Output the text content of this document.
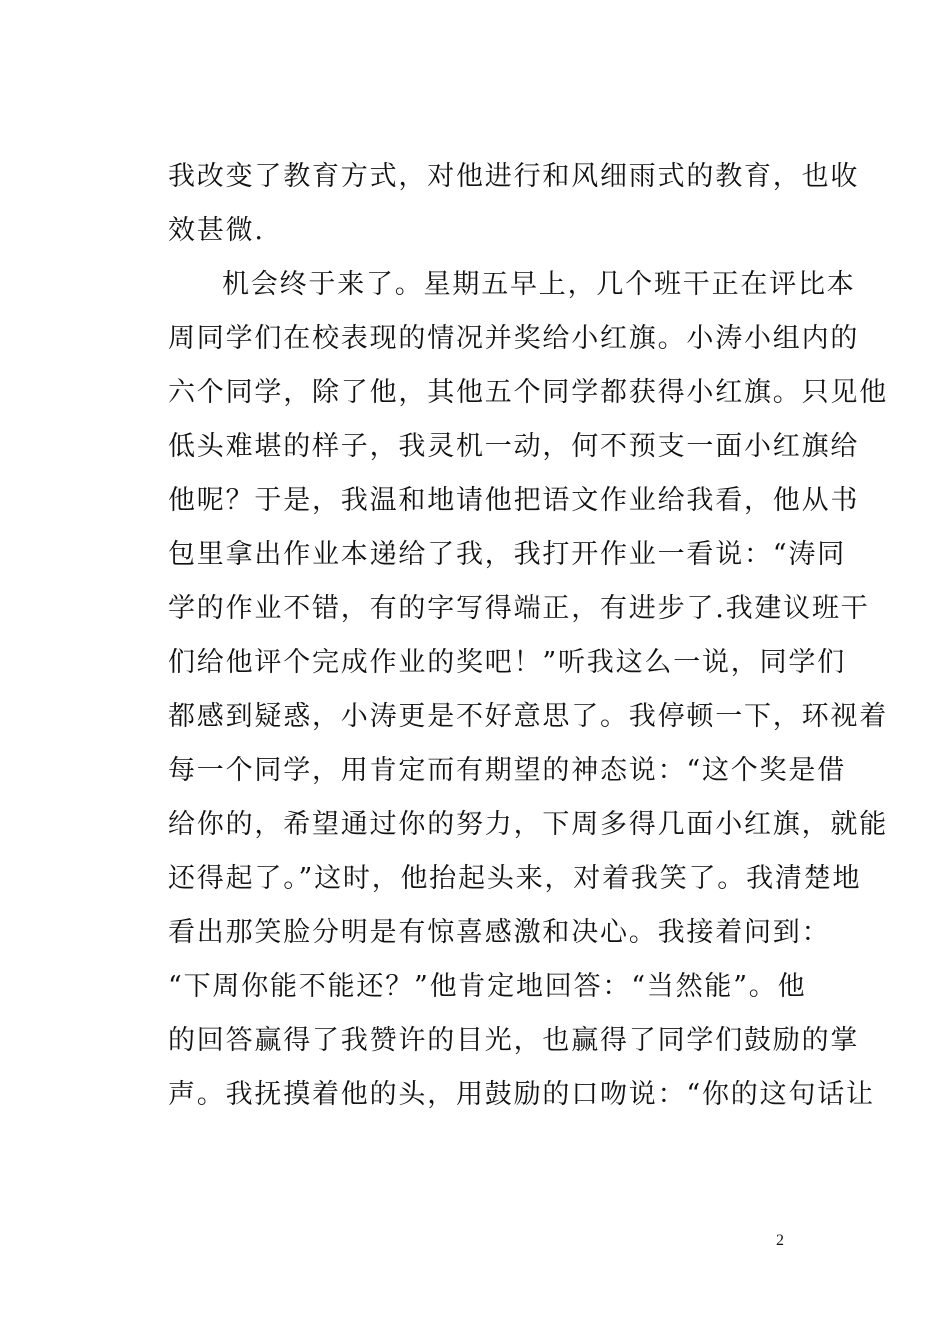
我改变了教育方式，对他进行和风细雨式的教育，也收
效甚微.
机会终于来了。星期五早上，几个班干正在评比本
周同学们在校表现的情况并奖给小红旗。小涛小组内的
六个同学，除了他，其他五个同学都获得小红旗。只见他
低头难堪的样子，我灵机一动，何不预支一面小红旗给
他呢？于是，我温和地请他把语文作业给我看，他从书
包里拿出作业本递给了我，我打开作业一看说：“涛同
学的作业不错，有的字写得端正，有进步了.我建议班干
们给他评个完成作业的奖吧！”听我这么一说，同学们
都感到疑惑，小涛更是不好意思了。我停顿一下，环视着
每一个同学，用肯定而有期望的神态说：“这个奖是借
给你的，希望通过你的努力，下周多得几面小红旗，就能
还得起了。”这时，他抬起头来，对着我笑了。我清楚地
看出那笑脸分明是有惊喜感激和决心。我接着问到：
“下周你能不能还？”他肯定地回答：“当然能”。他
的回答赢得了我赞许的目光，也赢得了同学们鼓励的掌
声。我抚摸着他的头，用鼓励的口吻说：“你的这句话让
2
